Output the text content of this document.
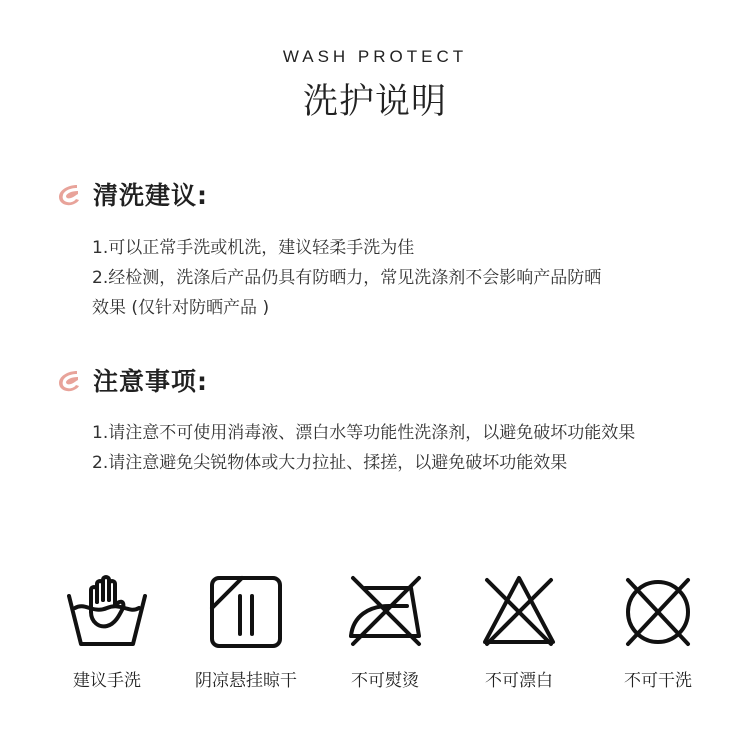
WASH PROTECT
洗护说明
清洗建议:
1.可以正常手洗或机洗，建议轻柔手洗为佳
2.经检测，洗涤后产品仍具有防晒力，常见洗涤剂不会影响产品防晒
效果 (仅针对防晒产品 )
注意事项:
1.请注意不可使用消毒液、漂白水等功能性洗涤剂，以避免破坏功能效果
2.请注意避免尖锐物体或大力拉扯、揉搓，以避免破坏功能效果
建议手洗	阴凉悬挂晾干	不可熨烫	不可漂白	不可干洗
